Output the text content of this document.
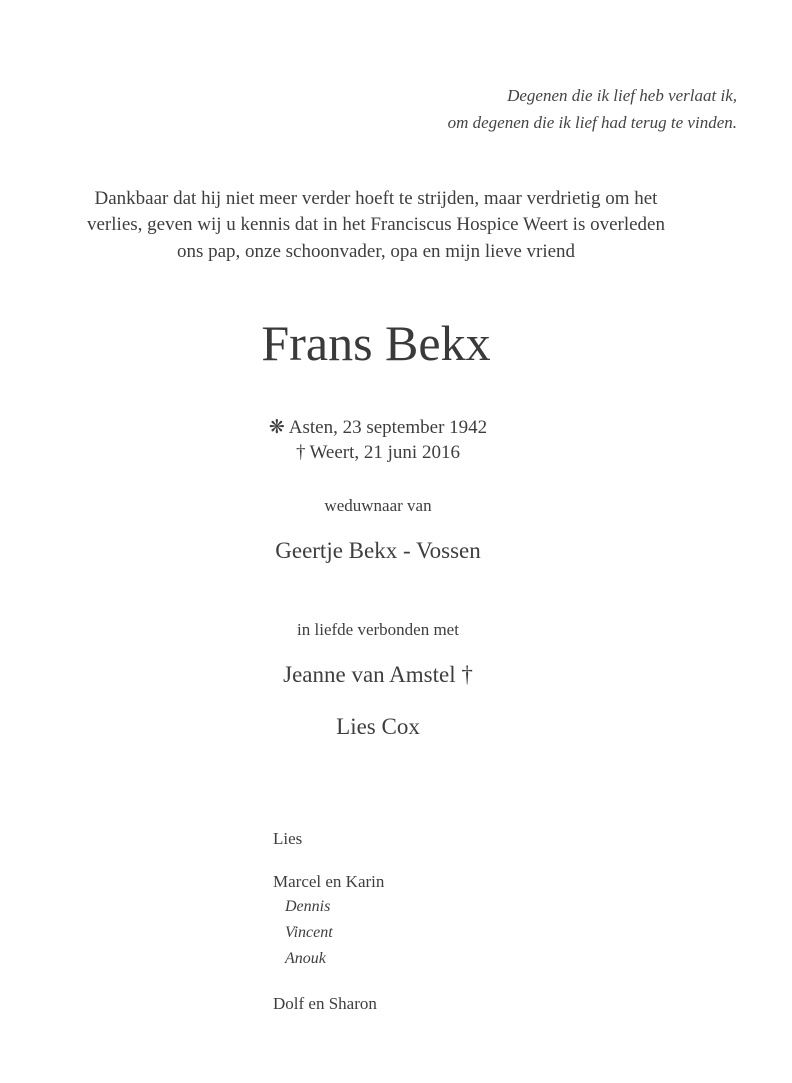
Degenen die ik lief heb verlaat ik,

om degenen die ik lief had terug te vinden.

Dankbaar dat hij niet meer verder hoeft te strijden, maar verdrietig om het

verlies, geven wij u kennis dat in het Franciscus Hospice Weert is overleden

ons pap, onze schoonvader, opa en mijn lieve vriend

Frans Bekx

❋ Asten, 23 september 1942

† Weert, 21 juni 2016

weduwnaar van

Geertje Bekx - Vossen

in liefde verbonden met

Jeanne van Amstel †

Lies Cox

Lies

Marcel en Karin

Dennis

Vincent

Anouk

Dolf en Sharon
